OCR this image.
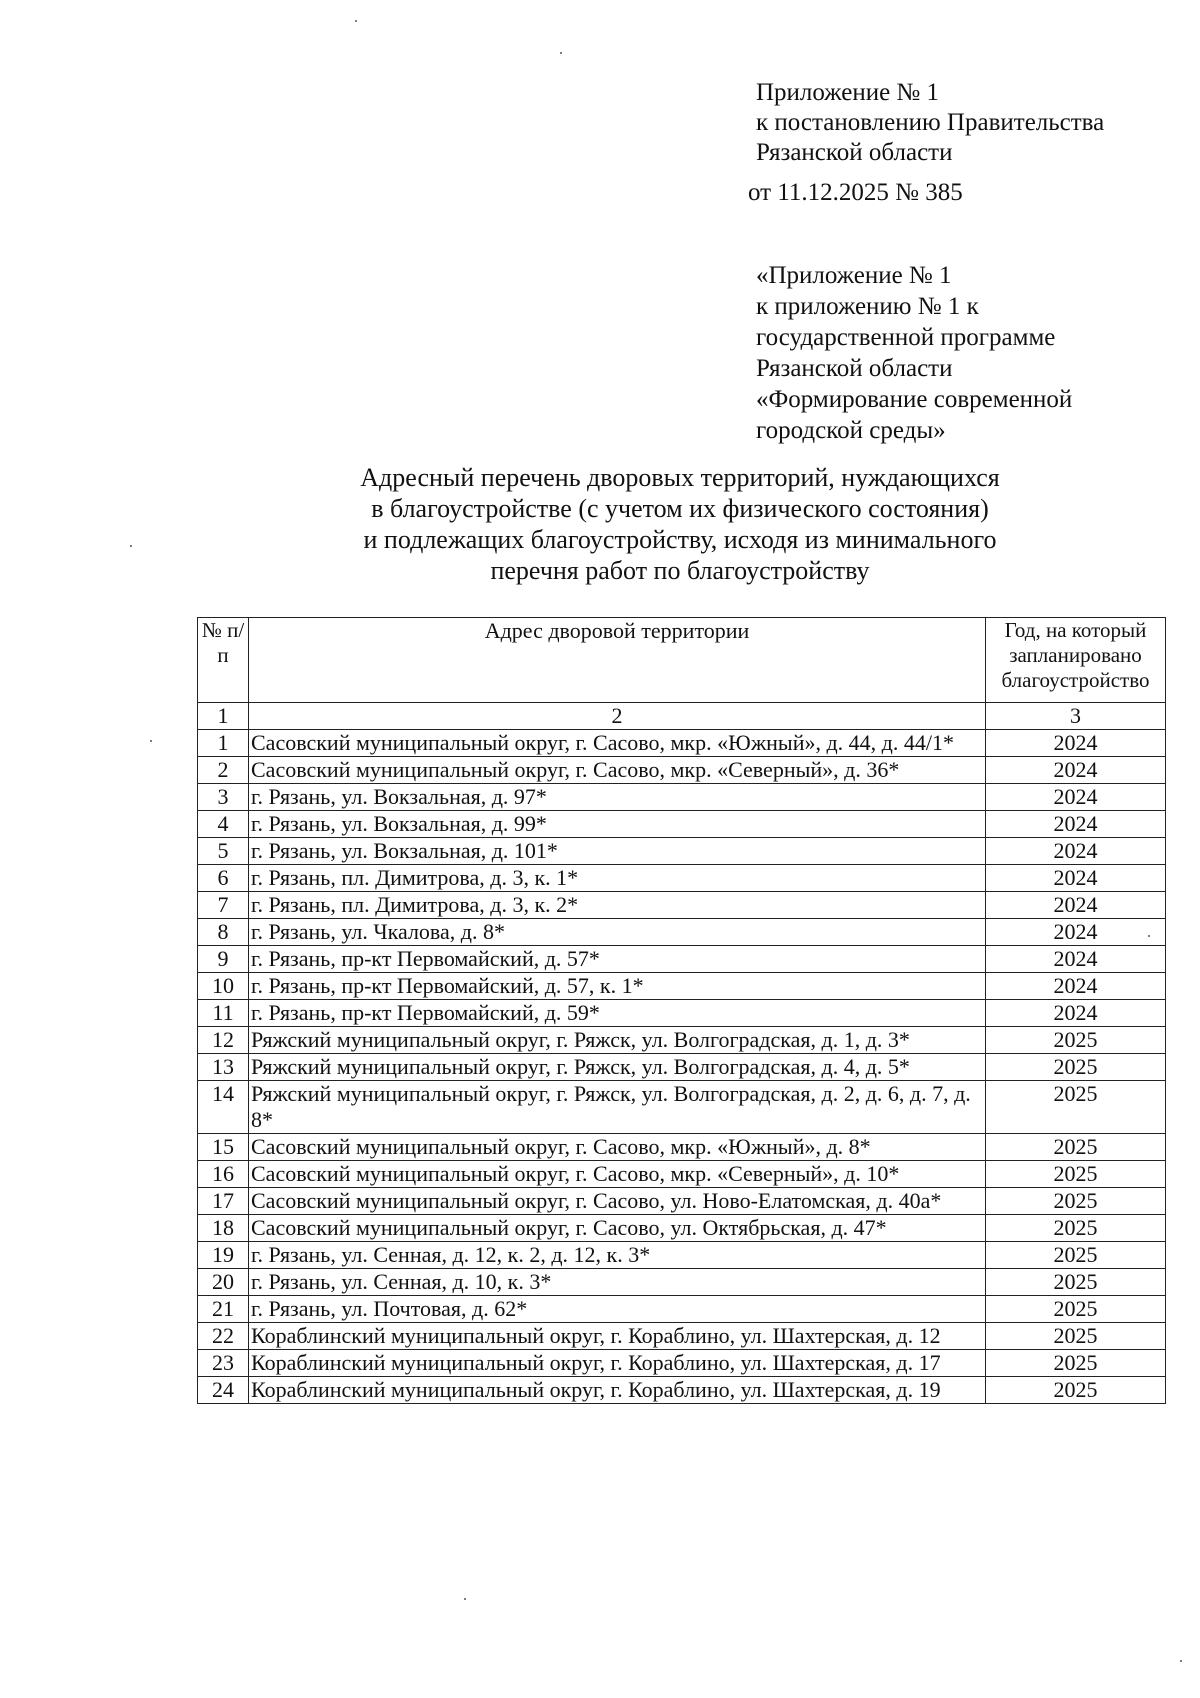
Приложение № 1
к постановлению Правительства
Рязанской области
от 11.12.2025 № 385
«Приложение № 1
к приложению № 1 к
государственной программе
Рязанской области
«Формирование современной
городской среды»
Адресный перечень дворовых территорий, нуждающихся
в благоустройстве (с учетом их физического состояния)
и подлежащих благоустройству, исходя из минимального
перечня работ по благоустройству
№ п/п	Адрес дворовой территории	Год, на который запланировано благоустройство
1	2	3
1	Сасовский муниципальный округ, г. Сасово, мкр. «Южный», д. 44, д. 44/1*	2024
2	Сасовский муниципальный округ, г. Сасово, мкр. «Северный», д. 36*	2024
3	г. Рязань, ул. Вокзальная, д. 97*	2024
4	г. Рязань, ул. Вокзальная, д. 99*	2024
5	г. Рязань, ул. Вокзальная, д. 101*	2024
6	г. Рязань, пл. Димитрова, д. 3, к. 1*	2024
7	г. Рязань, пл. Димитрова, д. 3, к. 2*	2024
8	г. Рязань, ул. Чкалова, д. 8*	2024
9	г. Рязань, пр-кт Первомайский, д. 57*	2024
10	г. Рязань, пр-кт Первомайский, д. 57, к. 1*	2024
11	г. Рязань, пр-кт Первомайский, д. 59*	2024
12	Ряжский муниципальный округ, г. Ряжск, ул. Волгоградская, д. 1, д. 3*	2025
13	Ряжский муниципальный округ, г. Ряжск, ул. Волгоградская, д. 4, д. 5*	2025
14	Ряжский муниципальный округ, г. Ряжск, ул. Волгоградская, д. 2, д. 6, д. 7, д. 8*	2025
15	Сасовский муниципальный округ, г. Сасово, мкр. «Южный», д. 8*	2025
16	Сасовский муниципальный округ, г. Сасово, мкр. «Северный», д. 10*	2025
17	Сасовский муниципальный округ, г. Сасово, ул. Ново-Елатомская, д. 40а*	2025
18	Сасовский муниципальный округ, г. Сасово, ул. Октябрьская, д. 47*	2025
19	г. Рязань, ул. Сенная, д. 12, к. 2, д. 12, к. 3*	2025
20	г. Рязань, ул. Сенная, д. 10, к. 3*	2025
21	г. Рязань, ул. Почтовая, д. 62*	2025
22	Кораблинский муниципальный округ, г. Кораблино, ул. Шахтерская, д. 12	2025
23	Кораблинский муниципальный округ, г. Кораблино, ул. Шахтерская, д. 17	2025
24	Кораблинский муниципальный округ, г. Кораблино, ул. Шахтерская, д. 19	2025
